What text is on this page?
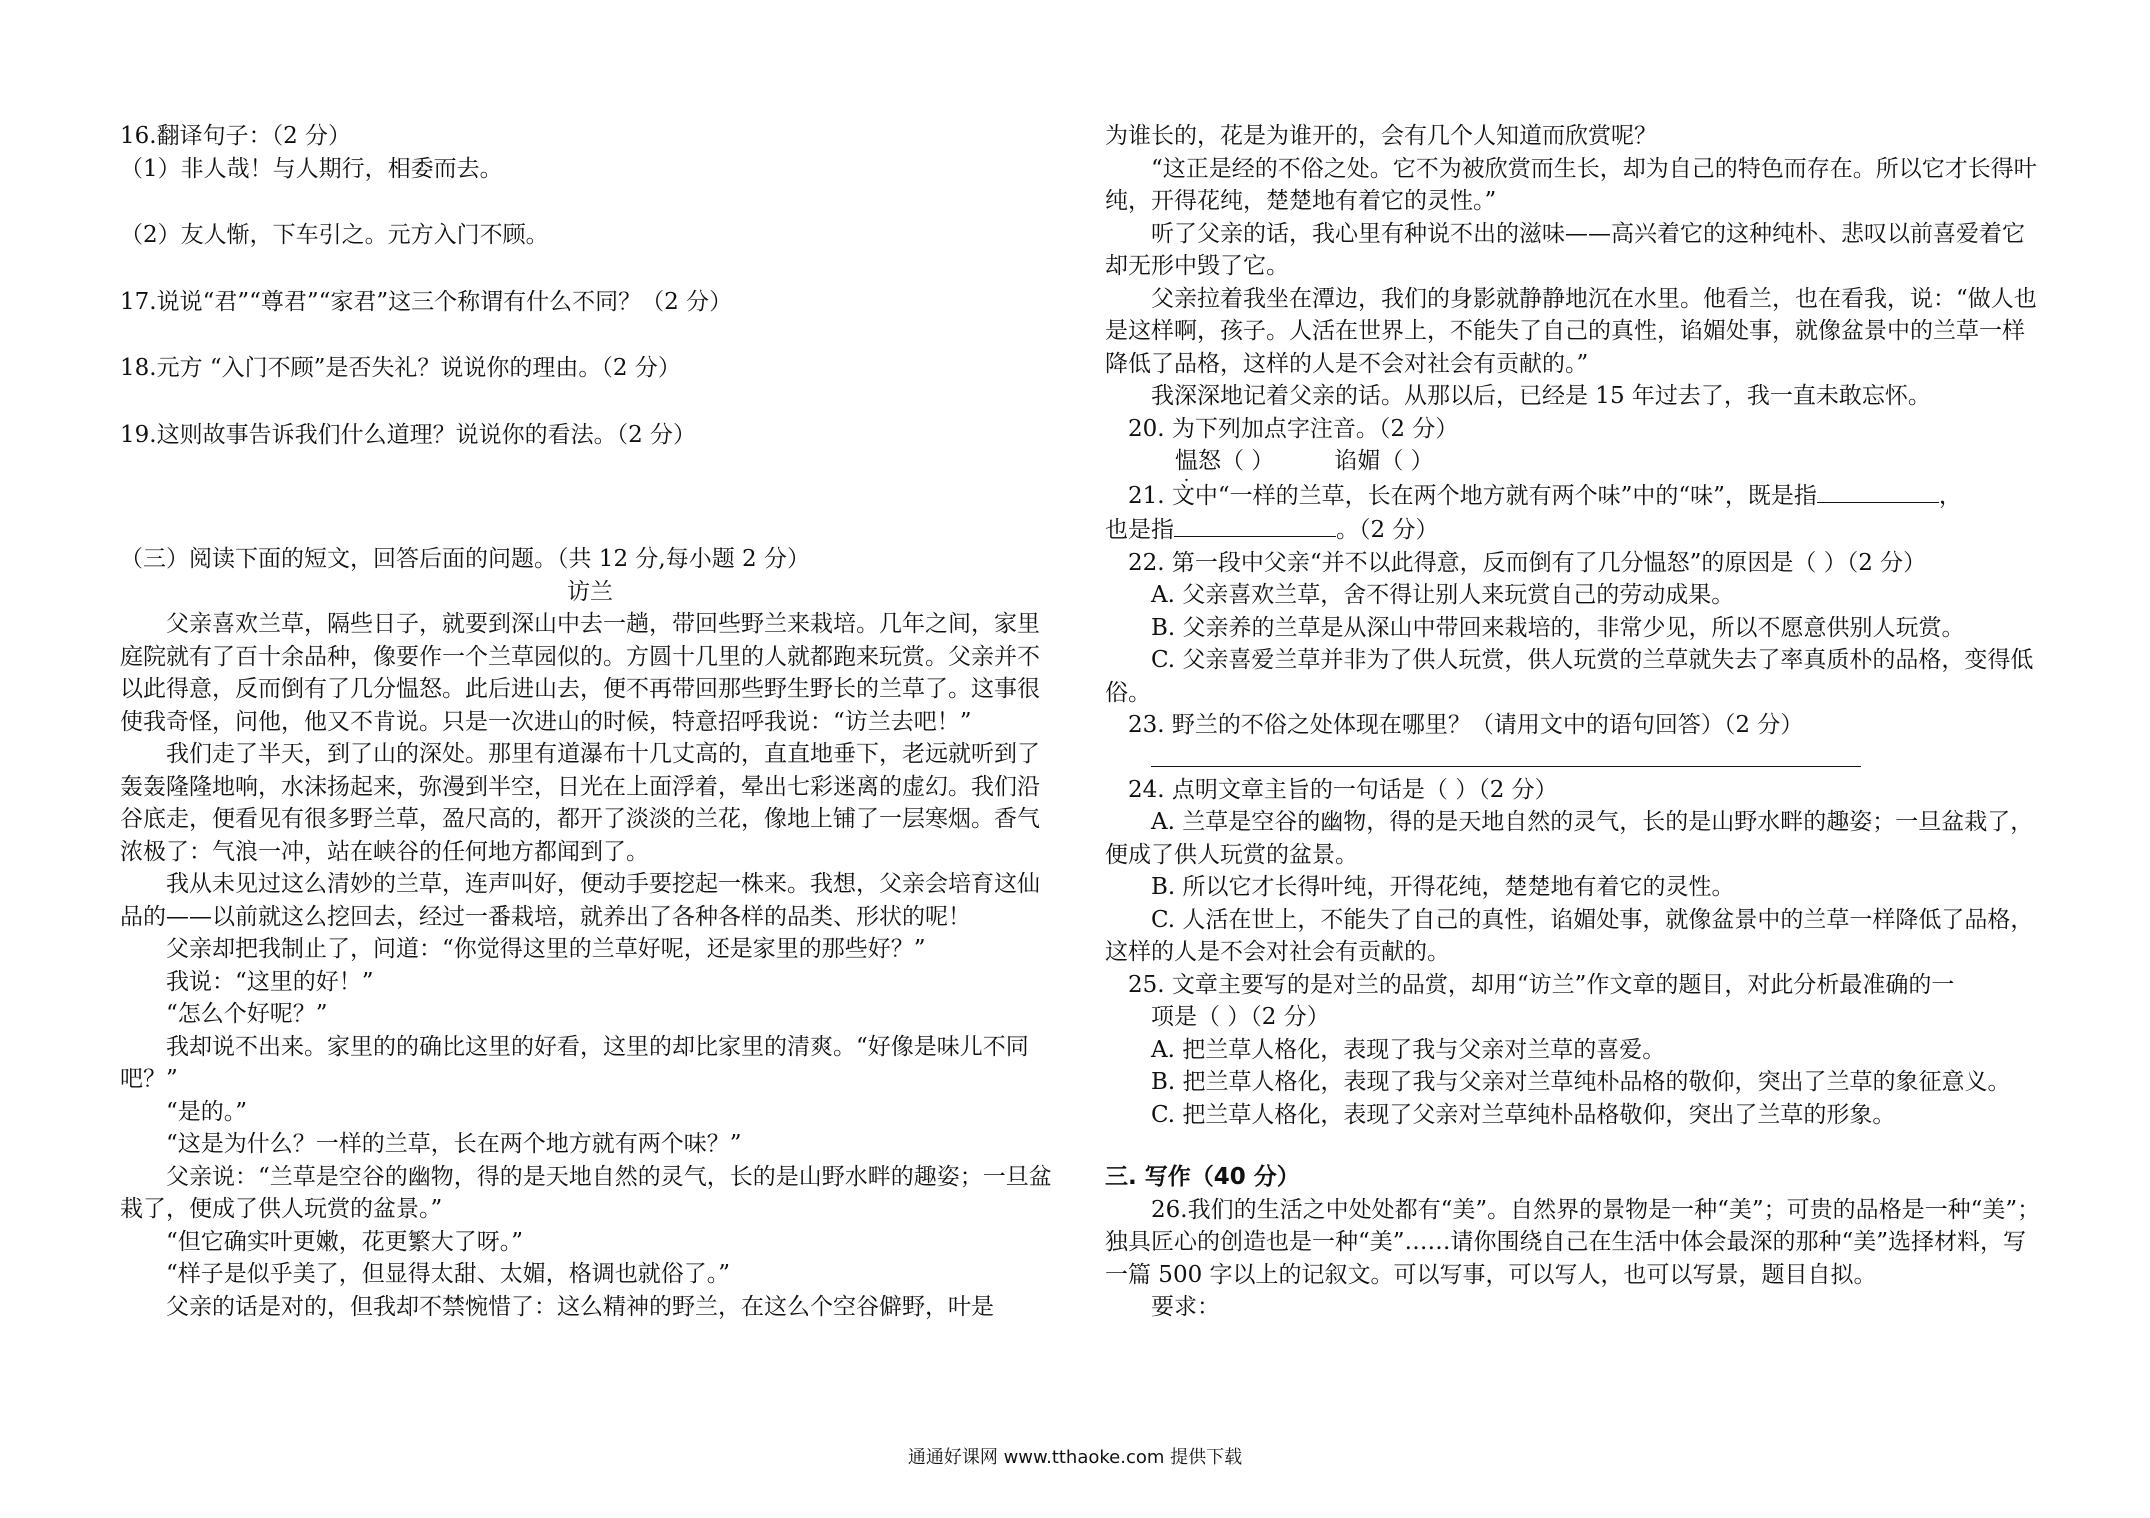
16.翻译句子：（2 分）

（1）非人哉！与人期行，相委而去。

（2）友人惭，下车引之。元方入门不顾。

17.说说“君”“尊君”“家君”这三个称谓有什么不同？（2 分）

18.元方 “入门不顾”是否失礼？说说你的理由。（2 分）

19.这则故事告诉我们什么道理？说说你的看法。（2 分）

（三）阅读下面的短文，回答后面的问题。（共 12 分,每小题 2 分）

访兰

父亲喜欢兰草，隔些日子，就要到深山中去一趟，带回些野兰来栽培。几年之间，家里庭院就有了百十余品种，像要作一个兰草园似的。方圆十几里的人就都跑来玩赏。父亲并不以此得意，反而倒有了几分愠怒。此后进山去，便不再带回那些野生野长的兰草了。这事很使我奇怪，问他，他又不肯说。只是一次进山的时候，特意招呼我说：“访兰去吧！”

我们走了半天，到了山的深处。那里有道瀑布十几丈高的，直直地垂下，老远就听到了轰轰隆隆地响，水沫扬起来，弥漫到半空，日光在上面浮着，晕出七彩迷离的虚幻。我们沿谷底走，便看见有很多野兰草，盈尺高的，都开了淡淡的兰花，像地上铺了一层寒烟。香气浓极了：气浪一冲，站在峡谷的任何地方都闻到了。

我从未见过这么清妙的兰草，连声叫好，便动手要挖起一株来。我想，父亲会培育这仙品的——以前就这么挖回去，经过一番栽培，就养出了各种各样的品类、形状的呢！

父亲却把我制止了，问道：“你觉得这里的兰草好呢，还是家里的那些好？”

我说：“这里的好！”

“怎么个好呢？”

我却说不出来。家里的的确比这里的好看，这里的却比家里的清爽。“好像是味儿不同吧？”

“是的。”

“这是为什么？一样的兰草，长在两个地方就有两个味？”

父亲说：“兰草是空谷的幽物，得的是天地自然的灵气，长的是山野水畔的趣姿；一旦盆栽了，便成了供人玩赏的盆景。”

“但它确实叶更嫩，花更繁大了呀。”

“样子是似乎美了，但显得太甜、太媚，格调也就俗了。”

父亲的话是对的，但我却不禁惋惜了：这么精神的野兰，在这么个空谷僻野，叶是

为谁长的，花是为谁开的，会有几个人知道而欣赏呢？

“这正是经的不俗之处。它不为被欣赏而生长，却为自己的特色而存在。所以它才长得叶纯，开得花纯，楚楚地有着它的灵性。”

听了父亲的话，我心里有种说不出的滋味——高兴着它的这种纯朴、悲叹以前喜爱着它却无形中毁了它。

父亲拉着我坐在潭边，我们的身影就静静地沉在水里。他看兰，也在看我，说：“做人也是这样啊，孩子。人活在世界上，不能失了自己的真性，谄媚处事，就像盆景中的兰草一样降低了品格，这样的人是不会对社会有贡献的。”

我深深地记着父亲的话。从那以后，已经是 15 年过去了，我一直未敢忘怀。

20. 为下列加点字注音。（2 分）

愠怒（ ）	谄媚（ ）

21. 文中“一样的兰草，长在两个地方就有两个味”中的“味”，既是指	，

也是指	。（2 分）

22. 第一段中父亲“并不以此得意，反而倒有了几分愠怒”的原因是（ ）（2 分）

A. 父亲喜欢兰草，舍不得让别人来玩赏自己的劳动成果。

B. 父亲养的兰草是从深山中带回来栽培的，非常少见，所以不愿意供别人玩赏。

C. 父亲喜爱兰草并非为了供人玩赏，供人玩赏的兰草就失去了率真质朴的品格，变得低俗。

23. 野兰的不俗之处体现在哪里？（请用文中的语句回答）（2 分）

24. 点明文章主旨的一句话是（ ）（2 分）

A. 兰草是空谷的幽物，得的是天地自然的灵气，长的是山野水畔的趣姿；一旦盆栽了，便成了供人玩赏的盆景。

B. 所以它才长得叶纯，开得花纯，楚楚地有着它的灵性。

C. 人活在世上，不能失了自己的真性，谄媚处事，就像盆景中的兰草一样降低了品格，这样的人是不会对社会有贡献的。

25. 文章主要写的是对兰的品赏，却用“访兰”作文章的题目，对此分析最准确的一

项是（ ）（2 分）

A. 把兰草人格化，表现了我与父亲对兰草的喜爱。

B. 把兰草人格化，表现了我与父亲对兰草纯朴品格的敬仰，突出了兰草的象征意义。

C. 把兰草人格化，表现了父亲对兰草纯朴品格敬仰，突出了兰草的形象。

三. 写作（40 分）

26.我们的生活之中处处都有“美”。自然界的景物是一种“美”；可贵的品格是一种“美”；独具匠心的创造也是一种“美”……请你围绕自己在生活中体会最深的那种“美”选择材料，写一篇 500 字以上的记叙文。可以写事，可以写人，也可以写景，题目自拟。

要求：

通通好课网 www.tthaoke.com 提供下载
